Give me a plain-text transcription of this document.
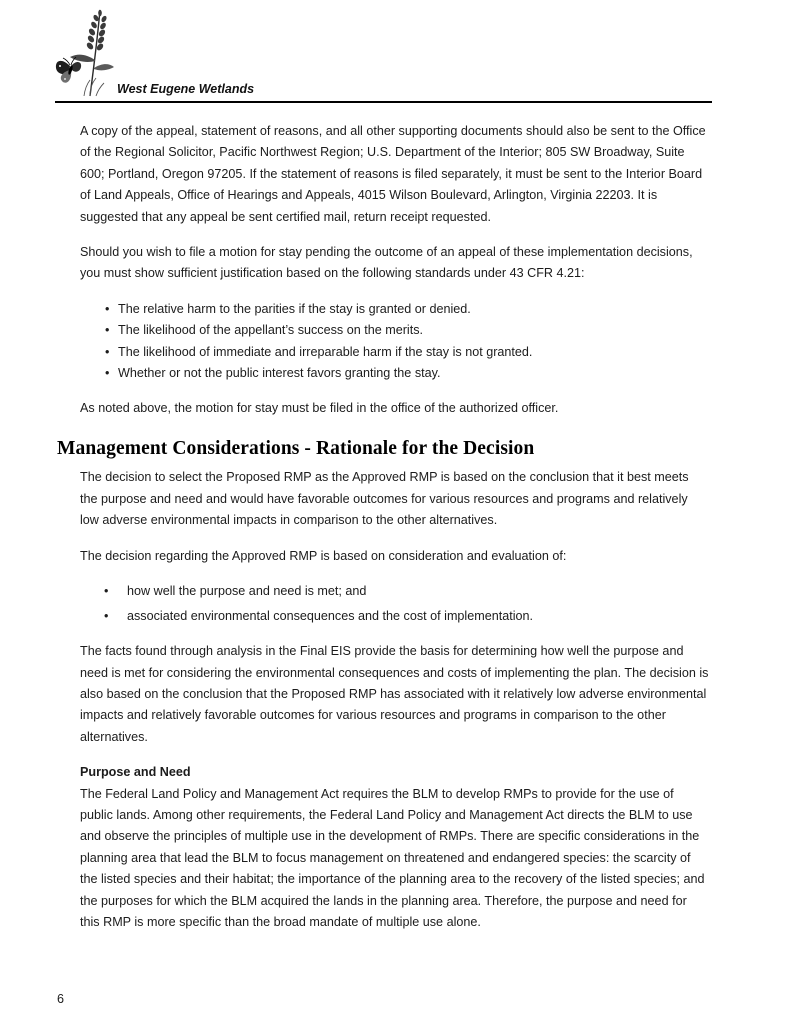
West Eugene Wetlands

A copy of the appeal, statement of reasons, and all other supporting documents should also be sent to the Office of the Regional Solicitor, Pacific Northwest Region; U.S. Department of the Interior; 805 SW Broadway, Suite 600; Portland, Oregon 97205. If the statement of reasons is filed separately, it must be sent to the Interior Board of Land Appeals, Office of Hearings and Appeals, 4015 Wilson Boulevard, Arlington, Virginia 22203. It is suggested that any appeal be sent certified mail, return receipt requested.

Should you wish to file a motion for stay pending the outcome of an appeal of these implementation decisions, you must show sufficient justification based on the following standards under 43 CFR 4.21:

• The relative harm to the parities if the stay is granted or denied.
• The likelihood of the appellant’s success on the merits.
• The likelihood of immediate and irreparable harm if the stay is not granted.
• Whether or not the public interest favors granting the stay.

As noted above, the motion for stay must be filed in the office of the authorized officer.

Management Considerations - Rationale for the Decision

The decision to select the Proposed RMP as the Approved RMP is based on the conclusion that it best meets the purpose and need and would have favorable outcomes for various resources and programs and relatively low adverse environmental impacts in comparison to the other alternatives.

The decision regarding the Approved RMP is based on consideration and evaluation of:

•	how well the purpose and need is met; and
•	associated environmental consequences and the cost of implementation.

The facts found through analysis in the Final EIS provide the basis for determining how well the purpose and need is met for considering the environmental consequences and costs of implementing the plan. The decision is also based on the conclusion that the Proposed RMP has associated with it relatively low adverse environmental impacts and relatively favorable outcomes for various resources and programs in comparison to the other alternatives.

Purpose and Need

The Federal Land Policy and Management Act requires the BLM to develop RMPs to provide for the use of public lands. Among other requirements, the Federal Land Policy and Management Act directs the BLM to use and observe the principles of multiple use in the development of RMPs. There are specific considerations in the planning area that lead the BLM to focus management on threatened and endangered species: the scarcity of the listed species and their habitat; the importance of the planning area to the recovery of the listed species; and the purposes for which the BLM acquired the lands in the planning area. Therefore, the purpose and need for this RMP is more specific than the broad mandate of multiple use alone.

6
